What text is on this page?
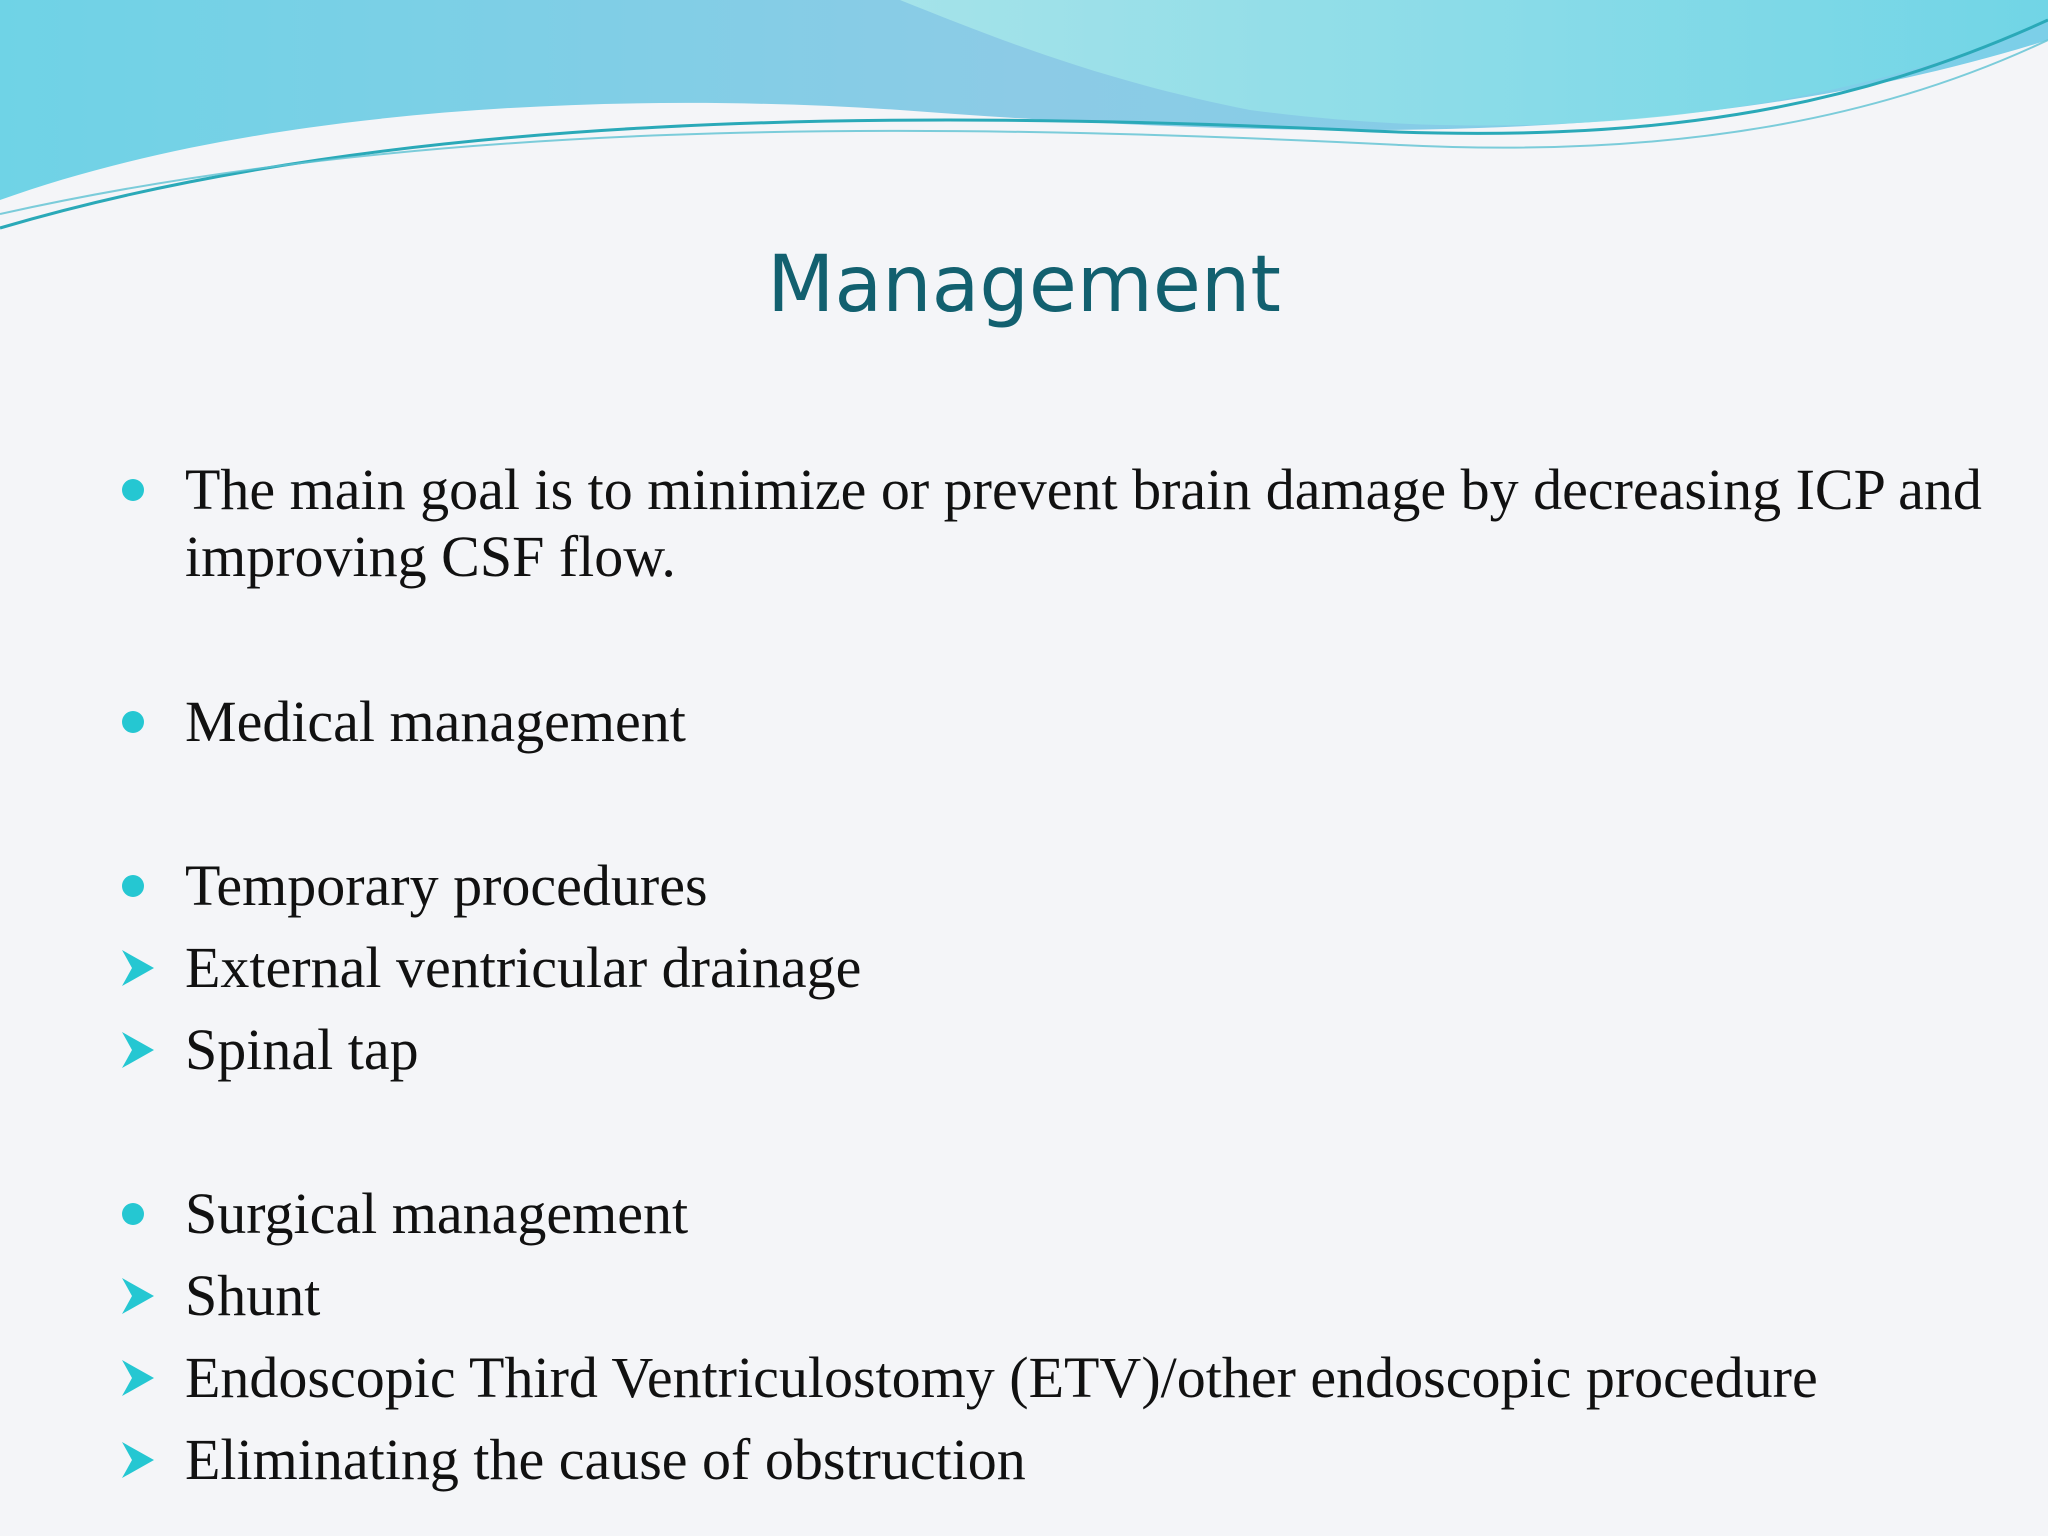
Management
The main goal is to minimize or prevent brain damage by decreasing ICP and improving CSF flow.
Medical management
Temporary procedures
External ventricular drainage
Spinal tap
Surgical management
Shunt
Endoscopic Third Ventriculostomy (ETV)/other endoscopic procedure
Eliminating the cause of obstruction
